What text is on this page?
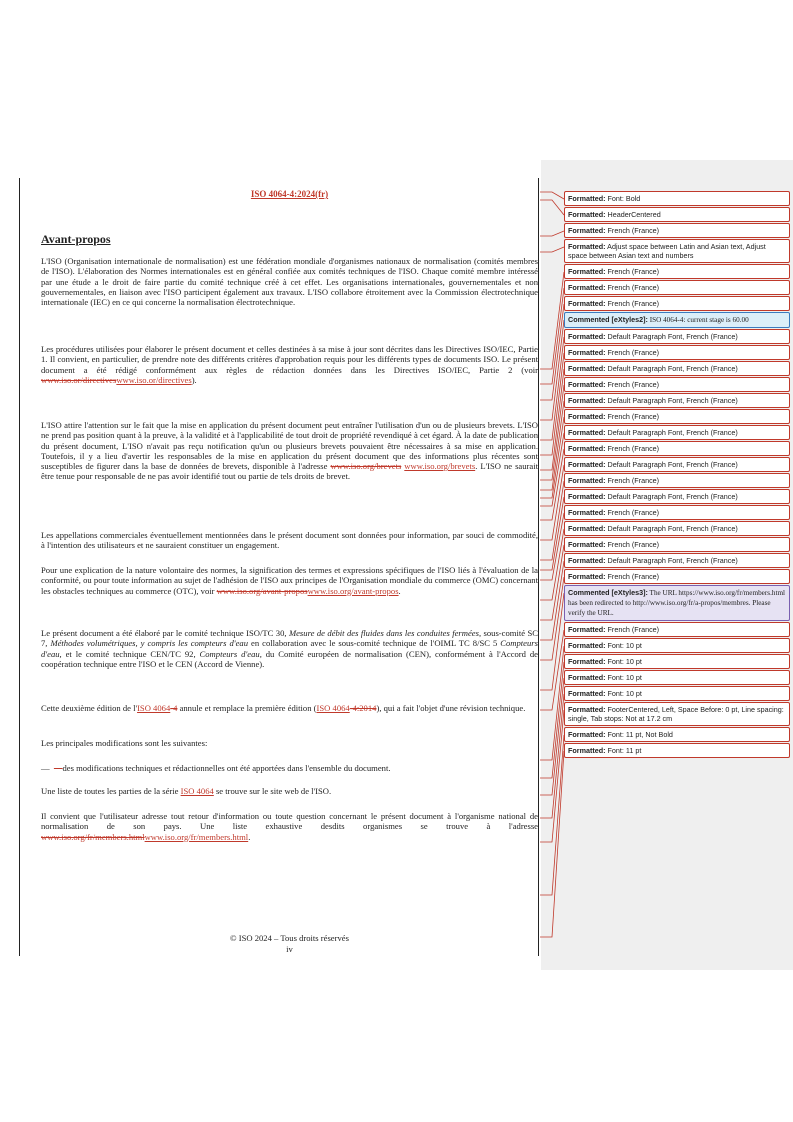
ISO 4064-4:2024(fr)
Avant-propos
L'ISO (Organisation internationale de normalisation) est une fédération mondiale d'organismes nationaux de normalisation (comités membres de l'ISO). L'élaboration des Normes internationales est en général confiée aux comités techniques de l'ISO. Chaque comité membre intéressé par une étude a le droit de faire partie du comité technique créé à cet effet. Les organisations internationales, gouvernementales et non gouvernementales, en liaison avec l'ISO participent également aux travaux. L'ISO collabore étroitement avec la Commission électrotechnique internationale (IEC) en ce qui concerne la normalisation électrotechnique.
Les procédures utilisées pour élaborer le présent document et celles destinées à sa mise à jour sont décrites dans les Directives ISO/IEC, Partie 1. Il convient, en particulier, de prendre note des différents critères d'approbation requis pour les différents types de documents ISO. Le présent document a été rédigé conformément aux règles de rédaction données dans les Directives ISO/IEC, Partie 2 (voir www.iso.or/directiveswww.iso.or/directives).
L'ISO attire l'attention sur le fait que la mise en application du présent document peut entraîner l'utilisation d'un ou de plusieurs brevets. L'ISO ne prend pas position quant à la preuve, à la validité et à l'applicabilité de tout droit de propriété revendiqué à cet égard. À la date de publication du présent document, L'ISO n'avait pas reçu notification qu'un ou plusieurs brevets pouvaient être nécessaires à sa mise en application. Toutefois, il y a lieu d'avertir les responsables de la mise en application du présent document que des informations plus récentes sont susceptibles de figurer dans la base de données de brevets, disponible à l'adresse www.iso.org/brevets www.iso.org/brevets. L'ISO ne saurait être tenue pour responsable de ne pas avoir identifié tout ou partie de tels droits de brevet.
Les appellations commerciales éventuellement mentionnées dans le présent document sont données pour information, par souci de commodité, à l'intention des utilisateurs et ne sauraient constituer un engagement.
Pour une explication de la nature volontaire des normes, la signification des termes et expressions spécifiques de l'ISO liés à l'évaluation de la conformité, ou pour toute information au sujet de l'adhésion de l'ISO aux principes de l'Organisation mondiale du commerce (OMC) concernant les obstacles techniques au commerce (OTC), voir www.iso.org/avant-proposwww.iso.org/avant-propos.
Le présent document a été élaboré par le comité technique ISO/TC 30, Mesure de débit des fluides dans les conduites fermées, sous-comité SC 7, Méthodes volumétriques, y compris les compteurs d'eau en collaboration avec le sous-comité technique de l'OIML TC 8/SC 5 Compteurs d'eau, et le comité technique CEN/TC 92, Compteurs d'eau, du Comité européen de normalisation (CEN), conformément à l'Accord de coopération technique entre l'ISO et le CEN (Accord de Vienne).
Cette deuxième édition de l'ISO 4064-4 annule et remplace la première édition (ISO 4064-4:2014), qui a fait l'objet d'une révision technique.
Les principales modifications sont les suivantes:
— des modifications techniques et rédactionnelles ont été apportées dans l'ensemble du document.
Une liste de toutes les parties de la série ISO 4064 se trouve sur le site web de l'ISO.
Il convient que l'utilisateur adresse tout retour d'information ou toute question concernant le présent document à l'organisme national de normalisation de son pays. Une liste exhaustive desdits organismes se trouve à l'adresse www.iso.org/fr/members.htmlwww.iso.org/fr/members.html.
© ISO 2024 – Tous droits réservés
iv
Formatted: Font: Bold
Formatted: HeaderCentered
Formatted: French (France)
Formatted: Adjust space between Latin and Asian text, Adjust space between Asian text and numbers
Formatted: French (France)
Formatted: French (France)
Formatted: French (France)
Commented [eXtyles2]: ISO 4064-4: current stage is 60.00
Formatted: Default Paragraph Font, French (France)
Formatted: French (France)
Formatted: Default Paragraph Font, French (France)
Formatted: French (France)
Formatted: Default Paragraph Font, French (France)
Formatted: French (France)
Formatted: Default Paragraph Font, French (France)
Formatted: French (France)
Formatted: Default Paragraph Font, French (France)
Formatted: French (France)
Formatted: Default Paragraph Font, French (France)
Formatted: French (France)
Formatted: Default Paragraph Font, French (France)
Formatted: French (France)
Formatted: Default Paragraph Font, French (France)
Formatted: French (France)
Commented [eXtyles3]: The URL https://www.iso.org/fr/members.html has been redirected to http://www.iso.org/fr/a-propos/membres. Please verify the URL.
Formatted: French (France)
Formatted: Font: 10 pt
Formatted: Font: 10 pt
Formatted: Font: 10 pt
Formatted: Font: 10 pt
Formatted: FooterCentered, Left, Space Before: 0 pt, Line spacing: single, Tab stops: Not at 17.2 cm
Formatted: Font: 11 pt, Not Bold
Formatted: Font: 11 pt
